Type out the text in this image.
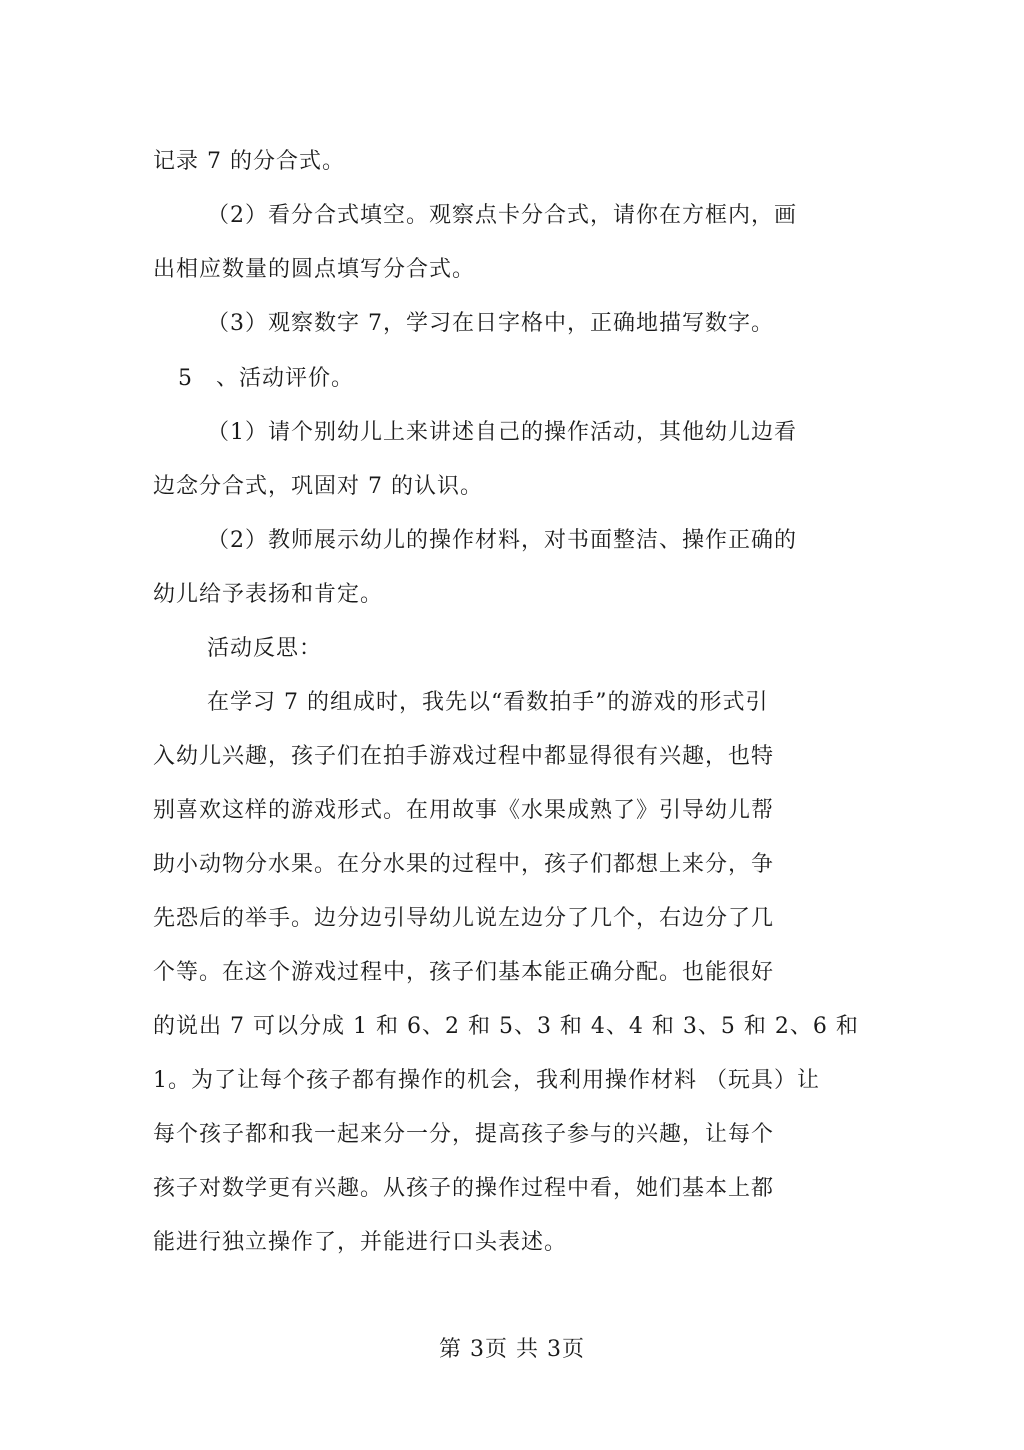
记录 7 的分合式。
（2）看分合式填空。观察点卡分合式，请你在方框内，画
出相应数量的圆点填写分合式。
（3）观察数字 7，学习在日字格中，正确地描写数字。
5　、活动评价。
（1）请个别幼儿上来讲述自己的操作活动，其他幼儿边看
边念分合式，巩固对 7 的认识。
（2）教师展示幼儿的操作材料，对书面整洁、操作正确的
幼儿给予表扬和肯定。
活动反思：
在学习 7 的组成时，我先以“看数拍手”的游戏的形式引
入幼儿兴趣，孩子们在拍手游戏过程中都显得很有兴趣，也特
别喜欢这样的游戏形式。在用故事《水果成熟了》引导幼儿帮
助小动物分水果。在分水果的过程中，孩子们都想上来分，争
先恐后的举手。边分边引导幼儿说左边分了几个，右边分了几
个等。在这个游戏过程中，孩子们基本能正确分配。也能很好
的说出 7 可以分成 1 和 6、2 和 5、3 和 4、4 和 3、5 和 2、6 和
1。为了让每个孩子都有操作的机会，我利用操作材料 （玩具）让
每个孩子都和我一起来分一分，提高孩子参与的兴趣，让每个
孩子对数学更有兴趣。从孩子的操作过程中看，她们基本上都
能进行独立操作了，并能进行口头表述。
第 3页 共 3页
